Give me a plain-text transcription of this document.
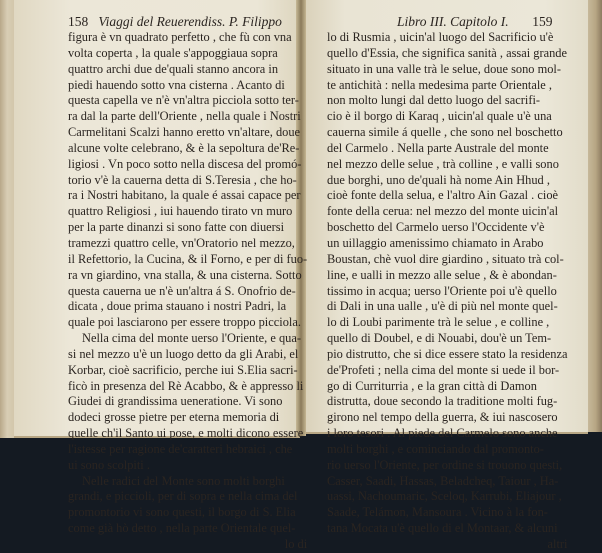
158 Viaggi del Reuerendiss. P. Filippo
figura è vn quadrato perfetto , che fù con vna
volta coperta , la quale s'appoggiaua sopra
quattro archi due de'quali stanno ancora in
piedi hauendo sotto vna cisterna . Acanto di
questa capella ve n'è vn'altra picciola sotto ter-
ra dal la parte dell'Oriente , nella quale i Nostri
Carmelitani Scalzi hanno eretto vn'altare, doue
alcune volte celebrano, & è la sepoltura de'Re-
ligiosi . Vn poco sotto nella discesa del promó-
torio v'è la cauerna detta di S.Teresia , che ho-
ra i Nostri habitano, la quale é assai capace per
quattro Religiosi , iui hauendo tirato vn muro
per la parte dinanzi si sono fatte con diuersi
tramezzi quattro celle, vn'Oratorio nel mezzo,
il Refettorio, la Cucina, & il Forno, e per di fuo-
ra vn giardino, vna stalla, & una cisterna. Sotto
questa cauerna ue n'è un'altra á S. Onofrio de-
dicata , doue prima stauano i nostri Padri, la
quale poi lasciarono per essere troppo picciola.
Nella cima del monte uerso l'Oriente, e qua-
si nel mezzo u'è un luogo detto da gli Arabi, el
Korbar, cioè sacrificio, perche iui S.Elia sacri-
ficò in presenza del Rè Acabbo, & è appresso li
Giudei di grandissima ueneratione. Vi sono
dodeci grosse pietre per eterna memoria di
quelle ch'il Santo ui pose, e molti dicono essere
l'istesse per ragione de'caratteri hebraici , che
ui sono scolpiti .
Nelle radici del Monte sono molti borghi
grandi, e piccioli, per di sopra e nella cima del
promontorio vi sono questi, il borgo di S. Elia
come già hò detto , nella parte Orientale quel-
lo di
Libro III. Capitolo I. 159
lo di Rusmia , uicin'al luogo del Sacrificio u'è
quello d'Essia, che significa sanità , assai grande
situato in una valle trà le selue, doue sono mol-
te antichità : nella medesima parte Orientale ,
non molto lungi dal detto luogo del sacrifi-
cio è il borgo di Karaq , uicin'al quale u'è una
cauerna simile á quelle , che sono nel boschetto
del Carmelo . Nella parte Australe del monte
nel mezzo delle selue , trà colline , e valli sono
due borghi, uno de'quali hà nome Ain Hhud ,
cioè fonte della selua, e l'altro Ain Gazal . cioè
fonte della cerua: nel mezzo del monte uicin'al
boschetto del Carmelo uerso l'Occidente v'è
un uillaggio amenissimo chiamato in Arabo
Boustan, chè vuol dire giardino , situato trà col-
line, e ualli in mezzo alle selue , & è abondan-
tissimo in acqua; uerso l'Oriente poi u'è quello
di Dali in una ualle , u'è di più nel monte quel-
lo di Loubi parimente trà le selue , e colline ,
quello di Doubel, e di Nouabi, dou'è un Tem-
pio distrutto, che si dice essere stato la residenza
de'Profeti ; nella cima del monte si uede il bor-
go di Curriturria , e la gran città di Damon
distrutta, doue secondo la traditione molti fug-
girono nel tempo della guerra, & iui nascosero
i loro tesori . Al piede del Carmelo sono anche
molti borghi , e cominciando dal promonto-
rio uerso l'Oriente, per ordine si trouono questi,
Casser, Saadi, Hassas, Beladcheq, Taiour , Ha-
uassi, Nachoumaric, Sceloq, Karrubi, Eliajour ,
Saade, Telámon, Mansoura . Vicino à la fon-
tana Mocata u'è quello di el Montaar, & alcuni
altri
